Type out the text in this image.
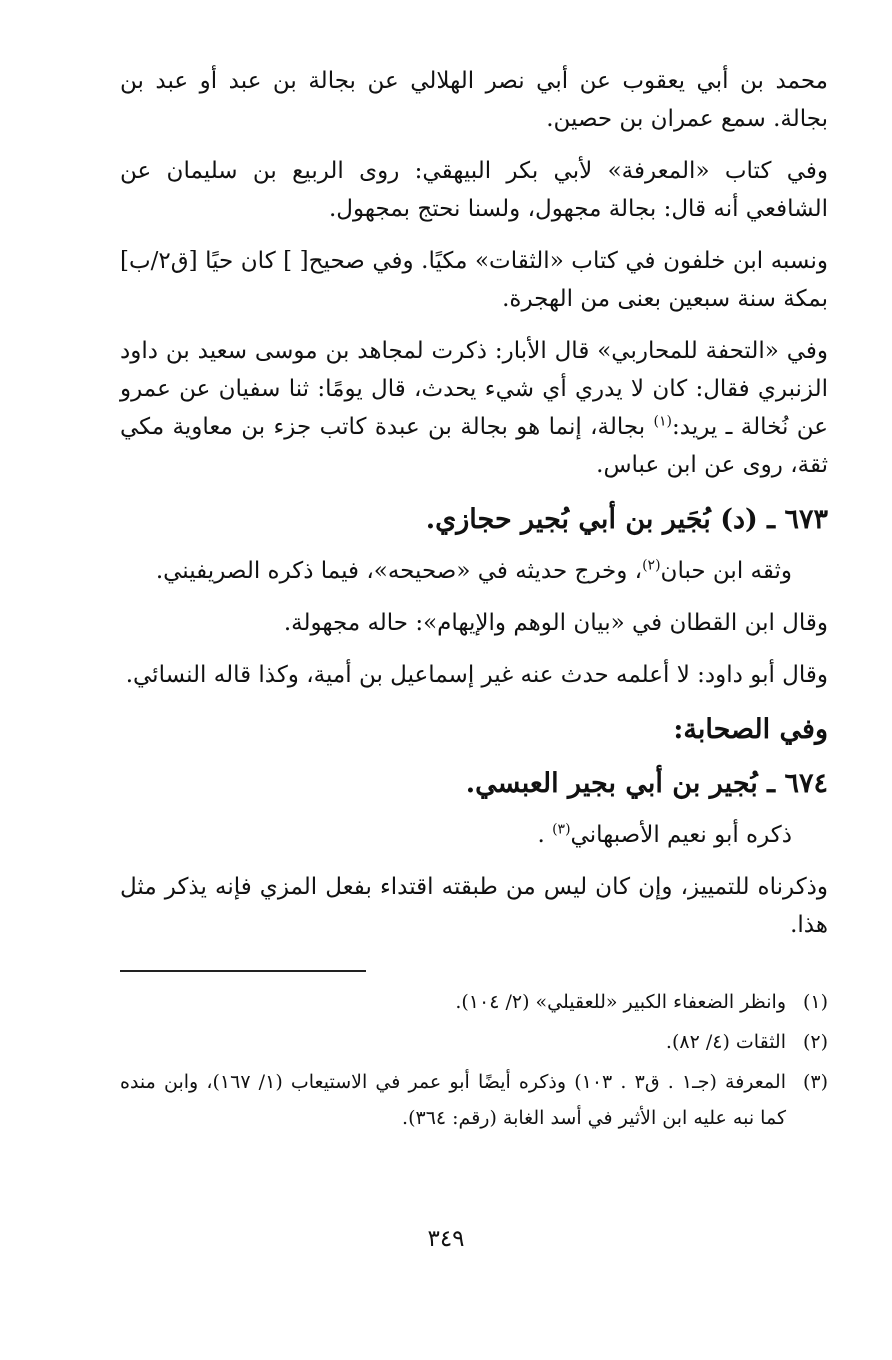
محمد بن أبي يعقوب عن أبي نصر الهلالي عن بجالة بن عبد أو عبد بن بجالة. سمع عمران بن حصين.

وفي كتاب «المعرفة» لأبي بكر البيهقي: روى الربيع بن سليمان عن الشافعي أنه قال: بجالة مجهول، ولسنا نحتج بمجهول.

ونسبه ابن خلفون في كتاب «الثقات» مكيًا. وفي صحيح[ ] كان حيًا [ق٢/ب] بمكة سنة سبعين بعنى من الهجرة.

وفي «التحفة للمحاربي» قال الأبار: ذكرت لمجاهد بن موسى سعيد بن داود الزنبري فقال: كان لا يدري أي شيء يحدث، قال يومًا: ثنا سفيان عن عمرو عن نُخالة ـ يريد:$^{(١)}$ بجالة، إنما هو بجالة بن عبدة كاتب جزء بن معاوية مكي ثقة، روى عن ابن عباس.

٦٧٣ ـ (د) بُجَير بن أبي بُجير حجازي.

وثقه ابن حبان$^{(٢)}$، وخرج حديثه في «صحيحه»، فيما ذكره الصريفيني.

وقال ابن القطان في «بيان الوهم والإيهام»: حاله مجهولة.

وقال أبو داود: لا أعلمه حدث عنه غير إسماعيل بن أمية، وكذا قاله النسائي.

وفي الصحابة:
٦٧٤ ـ بُجير بن أبي بجير العبسي.

ذكره أبو نعيم الأصبهاني$^{(٣)}$ .

وذكرناه للتمييز، وإن كان ليس من طبقته اقتداء بفعل المزي فإنه يذكر مثل هذا.

(١)
وانظر الضعفاء الكبير «للعقيلي» (٢/ ١٠٤).
(٢)
الثقات (٤/ ٨٢).
(٣)
المعرفة (جـ١ . ق٣ . ١٠٣) وذكره أيضًا أبو عمر في الاستيعاب (١/ ١٦٧)، وابن منده كما نبه عليه ابن الأثير في أسد الغابة (رقم: ٣٦٤).
٣٤٩
